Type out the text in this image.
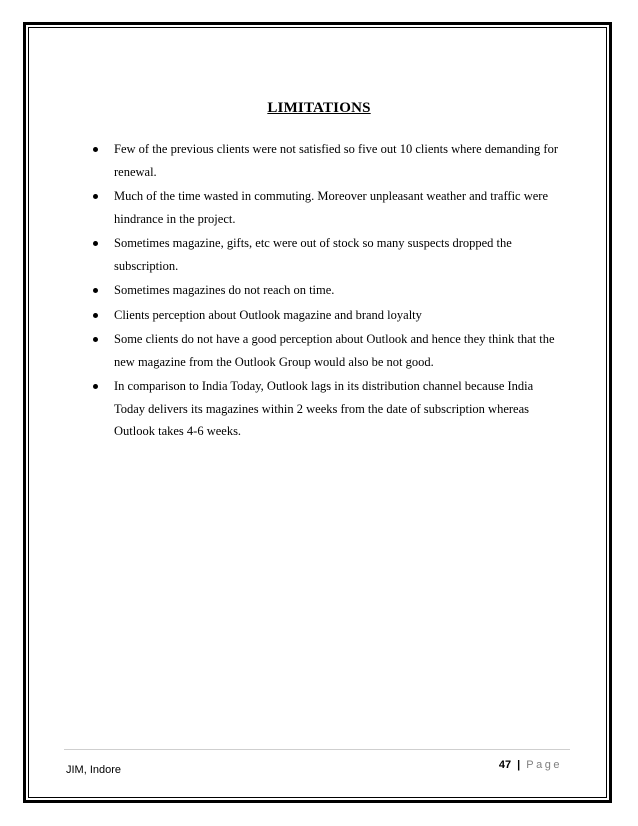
LIMITATIONS
Few of the previous clients were not satisfied so five out 10 clients where demanding for renewal.
Much of the time wasted in commuting. Moreover unpleasant weather and traffic were hindrance in the project.
Sometimes magazine, gifts, etc were out of stock so many suspects dropped the subscription.
Sometimes magazines do not reach on time.
Clients perception about Outlook magazine and brand loyalty
Some clients do not have a good perception about Outlook and hence they think that the new magazine from the Outlook Group would also be not good.
In comparison to India Today, Outlook lags in its distribution channel because India Today delivers its magazines within 2 weeks from the date of subscription whereas Outlook takes 4-6 weeks.
JIM, Indore	47 | Page
